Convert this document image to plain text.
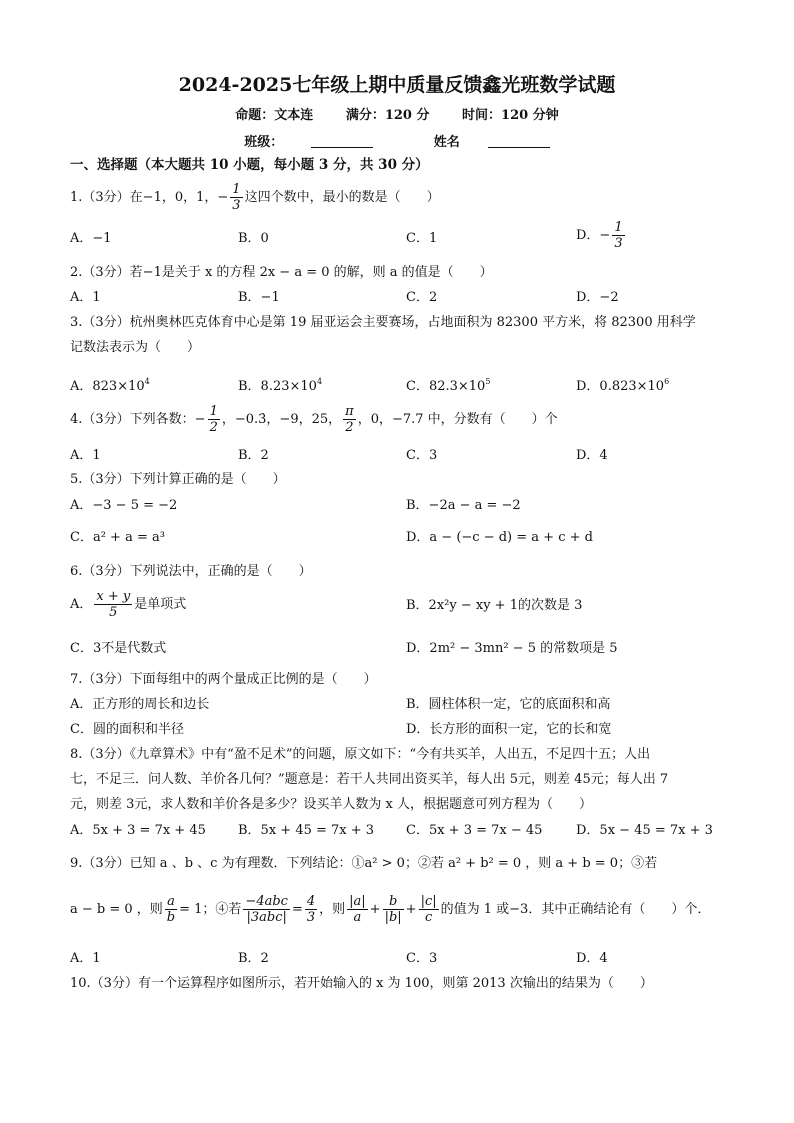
2024-2025七年级上期中质量反馈鑫光班数学试题
命题：文本连	满分：120 分	时间：120 分钟
班级：	姓名
一、选择题（本大题共 10 小题，每小题 3 分，共 30 分）
1.（3分）在−1，0，1，− $\frac{1}{3}$ 这四个数中，最小的数是（　　）
A．−1	B．0	C．1	D．− $\frac{1}{3}$
2.（3分）若−1是关于 x 的方程 2x − a = 0 的解，则 a 的值是（　　）
A．1	B．−1	C．2	D．−2
3.（3分）杭州奥林匹克体育中心是第 19 届亚运会主要赛场，占地面积为 82300 平方米，将 82300 用科学
记数法表示为（　　）
A．$823\times 10^4$	B．$8.23\times 10^4$	C．$82.3\times 10^5$	D．$0.823\times 10^6$
4.（3分）下列各数：− $\frac{1}{2}$ ，−0.3̇，−9，25， $\frac{\pi}{2}$ ，0，−7.7 中，分数有（　　）个
A．1	B．2	C．3	D．4
5.（3分）下列计算正确的是（　　）
A．−3 − 5 = −2	B．−2a − a = −2
C．a² + a = a³	D．a − (−c − d) = a + c + d
6.（3分）下列说法中，正确的是（　　）
A． $\frac{x + y}{5}$ 是单项式	B．2x²y − xy + 1的次数是 3
C．3不是代数式	D．2m² − 3mn² − 5 的常数项是 5
7.（3分）下面每组中的两个量成正比例的是（　　）
A．正方形的周长和边长	B．圆柱体积一定，它的底面积和高
C．圆的面积和半径	D．长方形的面积一定，它的长和宽
8.（3分）《九章算术》中有“盈不足术”的问题，原文如下：“今有共买羊，人出五，不足四十五；人出
七，不足三．问人数、羊价各几何？”题意是：若干人共同出资买羊，每人出 5元，则差 45元；每人出 7
元，则差 3元，求人数和羊价各是多少？设买羊人数为 x 人，根据题意可列方程为（　　）
A．5x + 3 = 7x + 45 B．5x + 45 = 7x + 3 C．5x + 3 = 7x − 45	D．5x − 45 = 7x + 3
9.（3分）已知 a 、b 、c 为有理数．下列结论：①a² > 0；②若 a² + b² = 0 ，则 a + b = 0；③若
a − b = 0 ，则 $\frac{a}{b} = 1$；④若 $\frac{\text{−4abc}}{\text{|3abc|}} = \frac{4}{3}$ ，则 $\frac{|a|}{a} + \frac{b}{|b|} + \frac{|c|}{c}$ 的值为 1 或−3．其中正确结论有（　　）个．
A．1	B．2	C．3	D．4
10.（3分）有一个运算程序如图所示，若开始输入的 x 为 100，则第 2013 次输出的结果为（　　）
